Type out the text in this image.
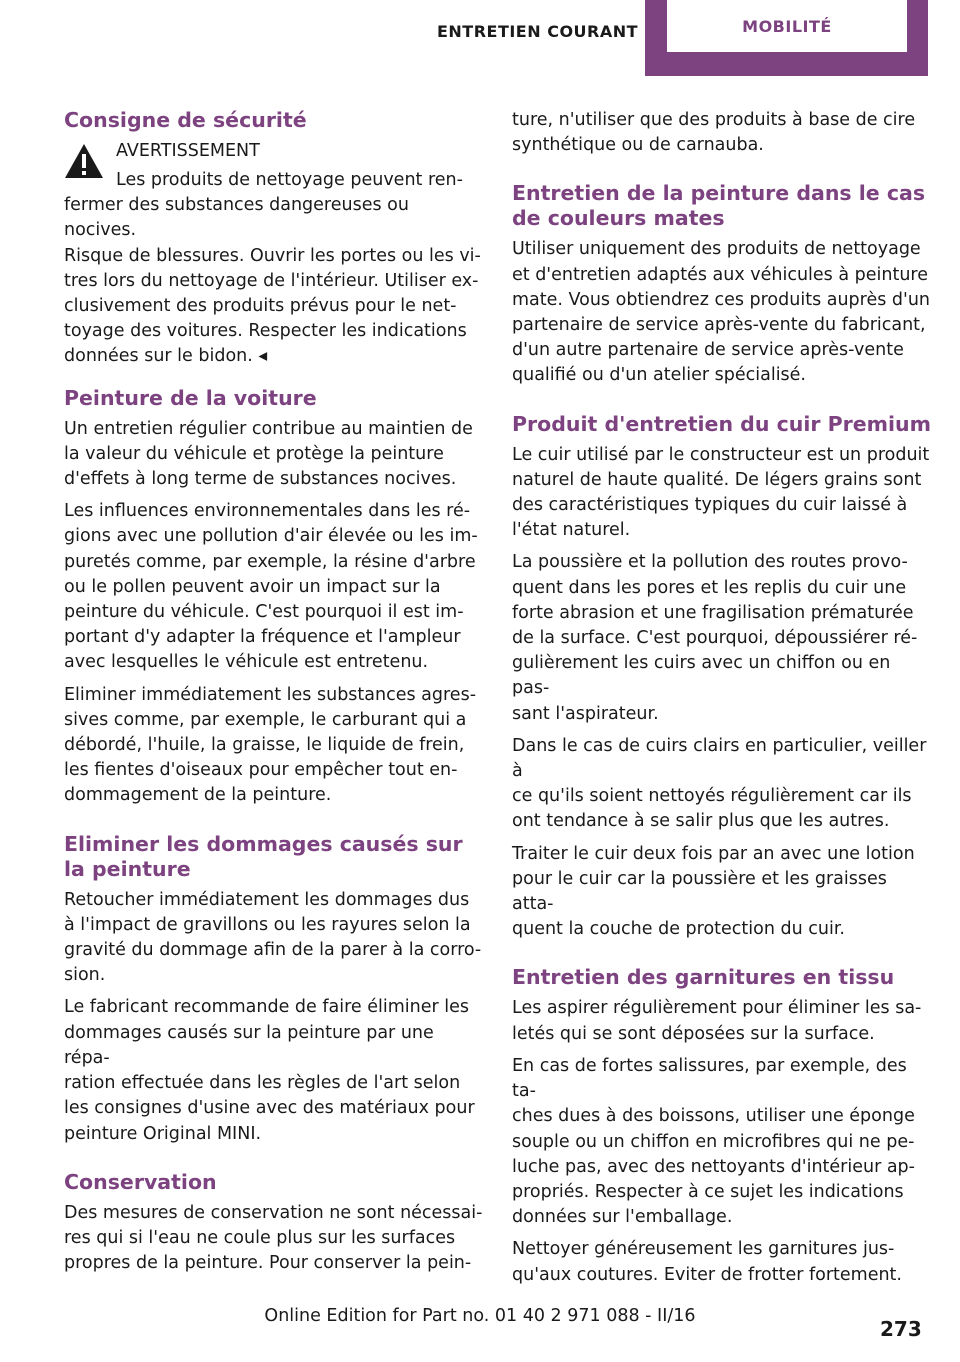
ENTRETIEN COURANT	MOBILITÉ
Consigne de sécurité
AVERTISSEMENT
Les produits de nettoyage peuvent ren-
fermer des substances dangereuses ou nocives.
Risque de blessures. Ouvrir les portes ou les vi-
tres lors du nettoyage de l'intérieur. Utiliser ex-
clusivement des produits prévus pour le net-
toyage des voitures. Respecter les indications
données sur le bidon. ◂
Peinture de la voiture
Un entretien régulier contribue au maintien de
la valeur du véhicule et protège la peinture
d'effets à long terme de substances nocives.
Les influences environnementales dans les ré-
gions avec une pollution d'air élevée ou les im-
puretés comme, par exemple, la résine d'arbre
ou le pollen peuvent avoir un impact sur la
peinture du véhicule. C'est pourquoi il est im-
portant d'y adapter la fréquence et l'ampleur
avec lesquelles le véhicule est entretenu.
Eliminer immédiatement les substances agres-
sives comme, par exemple, le carburant qui a
débordé, l'huile, la graisse, le liquide de frein,
les fientes d'oiseaux pour empêcher tout en-
dommagement de la peinture.
Eliminer les dommages causés sur la peinture
Retoucher immédiatement les dommages dus
à l'impact de gravillons ou les rayures selon la
gravité du dommage afin de la parer à la corro-
sion.
Le fabricant recommande de faire éliminer les
dommages causés sur la peinture par une répa-
ration effectuée dans les règles de l'art selon
les consignes d'usine avec des matériaux pour
peinture Original MINI.
Conservation
Des mesures de conservation ne sont nécessai-
res qui si l'eau ne coule plus sur les surfaces
propres de la peinture. Pour conserver la pein-
ture, n'utiliser que des produits à base de cire
synthétique ou de carnauba.
Entretien de la peinture dans le cas de couleurs mates
Utiliser uniquement des produits de nettoyage
et d'entretien adaptés aux véhicules à peinture
mate. Vous obtiendrez ces produits auprès d'un
partenaire de service après-vente du fabricant,
d'un autre partenaire de service après-vente
qualifié ou d'un atelier spécialisé.
Produit d'entretien du cuir Premium
Le cuir utilisé par le constructeur est un produit
naturel de haute qualité. De légers grains sont
des caractéristiques typiques du cuir laissé à
l'état naturel.
La poussière et la pollution des routes provo-
quent dans les pores et les replis du cuir une
forte abrasion et une fragilisation prématurée
de la surface. C'est pourquoi, dépoussiérer ré-
gulièrement les cuirs avec un chiffon ou en pas-
sant l'aspirateur.
Dans le cas de cuirs clairs en particulier, veiller à
ce qu'ils soient nettoyés régulièrement car ils
ont tendance à se salir plus que les autres.
Traiter le cuir deux fois par an avec une lotion
pour le cuir car la poussière et les graisses atta-
quent la couche de protection du cuir.
Entretien des garnitures en tissu
Les aspirer régulièrement pour éliminer les sa-
letés qui se sont déposées sur la surface.
En cas de fortes salissures, par exemple, des ta-
ches dues à des boissons, utiliser une éponge
souple ou un chiffon en microfibres qui ne pe-
luche pas, avec des nettoyants d'intérieur ap-
propriés. Respecter à ce sujet les indications
données sur l'emballage.
Nettoyer généreusement les garnitures jus-
qu'aux coutures. Eviter de frotter fortement.
273
Online Edition for Part no. 01 40 2 971 088 - II/16
